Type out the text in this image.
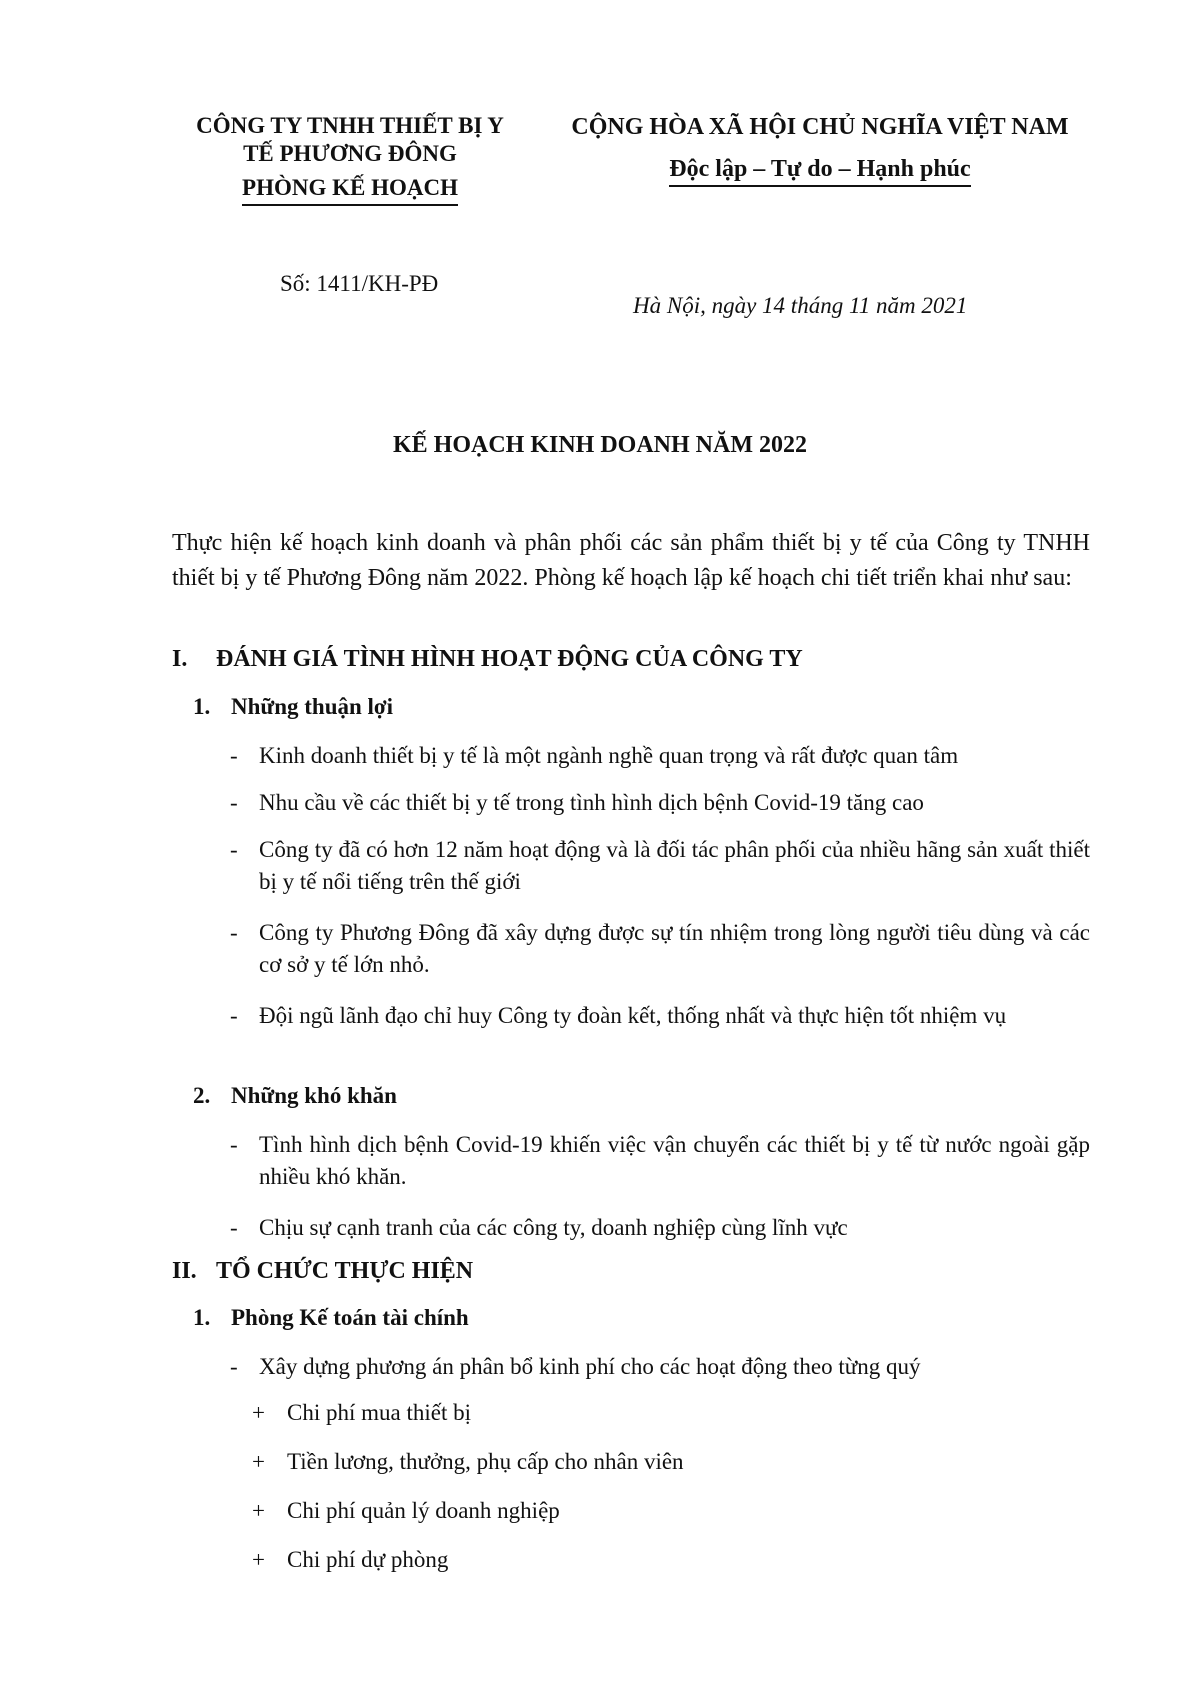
CÔNG TY TNHH THIẾT BỊ Y
TẾ PHƯƠNG ĐÔNG
PHÒNG KẾ HOẠCH
CỘNG HÒA XÃ HỘI CHỦ NGHĨA VIỆT NAM
Độc lập – Tự do – Hạnh phúc
Số: 1411/KH-PĐ
Hà Nội, ngày 14 tháng 11 năm 2021
KẾ HOẠCH KINH DOANH NĂM 2022

Thực hiện kế hoạch kinh doanh và phân phối các sản phẩm thiết bị y tế của Công ty TNHH thiết bị y tế Phương Đông năm 2022. Phòng kế hoạch lập kế hoạch chi tiết triển khai như sau:

I. ĐÁNH GIÁ TÌNH HÌNH HOẠT ĐỘNG CỦA CÔNG TY
1. Những thuận lợi
- Kinh doanh thiết bị y tế là một ngành nghề quan trọng và rất được quan tâm
- Nhu cầu về các thiết bị y tế trong tình hình dịch bệnh Covid-19 tăng cao
- Công ty đã có hơn 12 năm hoạt động và là đối tác phân phối của nhiều hãng sản xuất thiết bị y tế nổi tiếng trên thế giới
- Công ty Phương Đông đã xây dựng được sự tín nhiệm trong lòng người tiêu dùng và các cơ sở y tế lớn nhỏ.
- Đội ngũ lãnh đạo chỉ huy Công ty đoàn kết, thống nhất và thực hiện tốt nhiệm vụ
2. Những khó khăn
- Tình hình dịch bệnh Covid-19 khiến việc vận chuyển các thiết bị y tế từ nước ngoài gặp nhiều khó khăn.
- Chịu sự cạnh tranh của các công ty, doanh nghiệp cùng lĩnh vực
II. TỔ CHỨC THỰC HIỆN
1. Phòng Kế toán tài chính
- Xây dựng phương án phân bổ kinh phí cho các hoạt động theo từng quý
+ Chi phí mua thiết bị
+ Tiền lương, thưởng, phụ cấp cho nhân viên
+ Chi phí quản lý doanh nghiệp
+ Chi phí dự phòng
